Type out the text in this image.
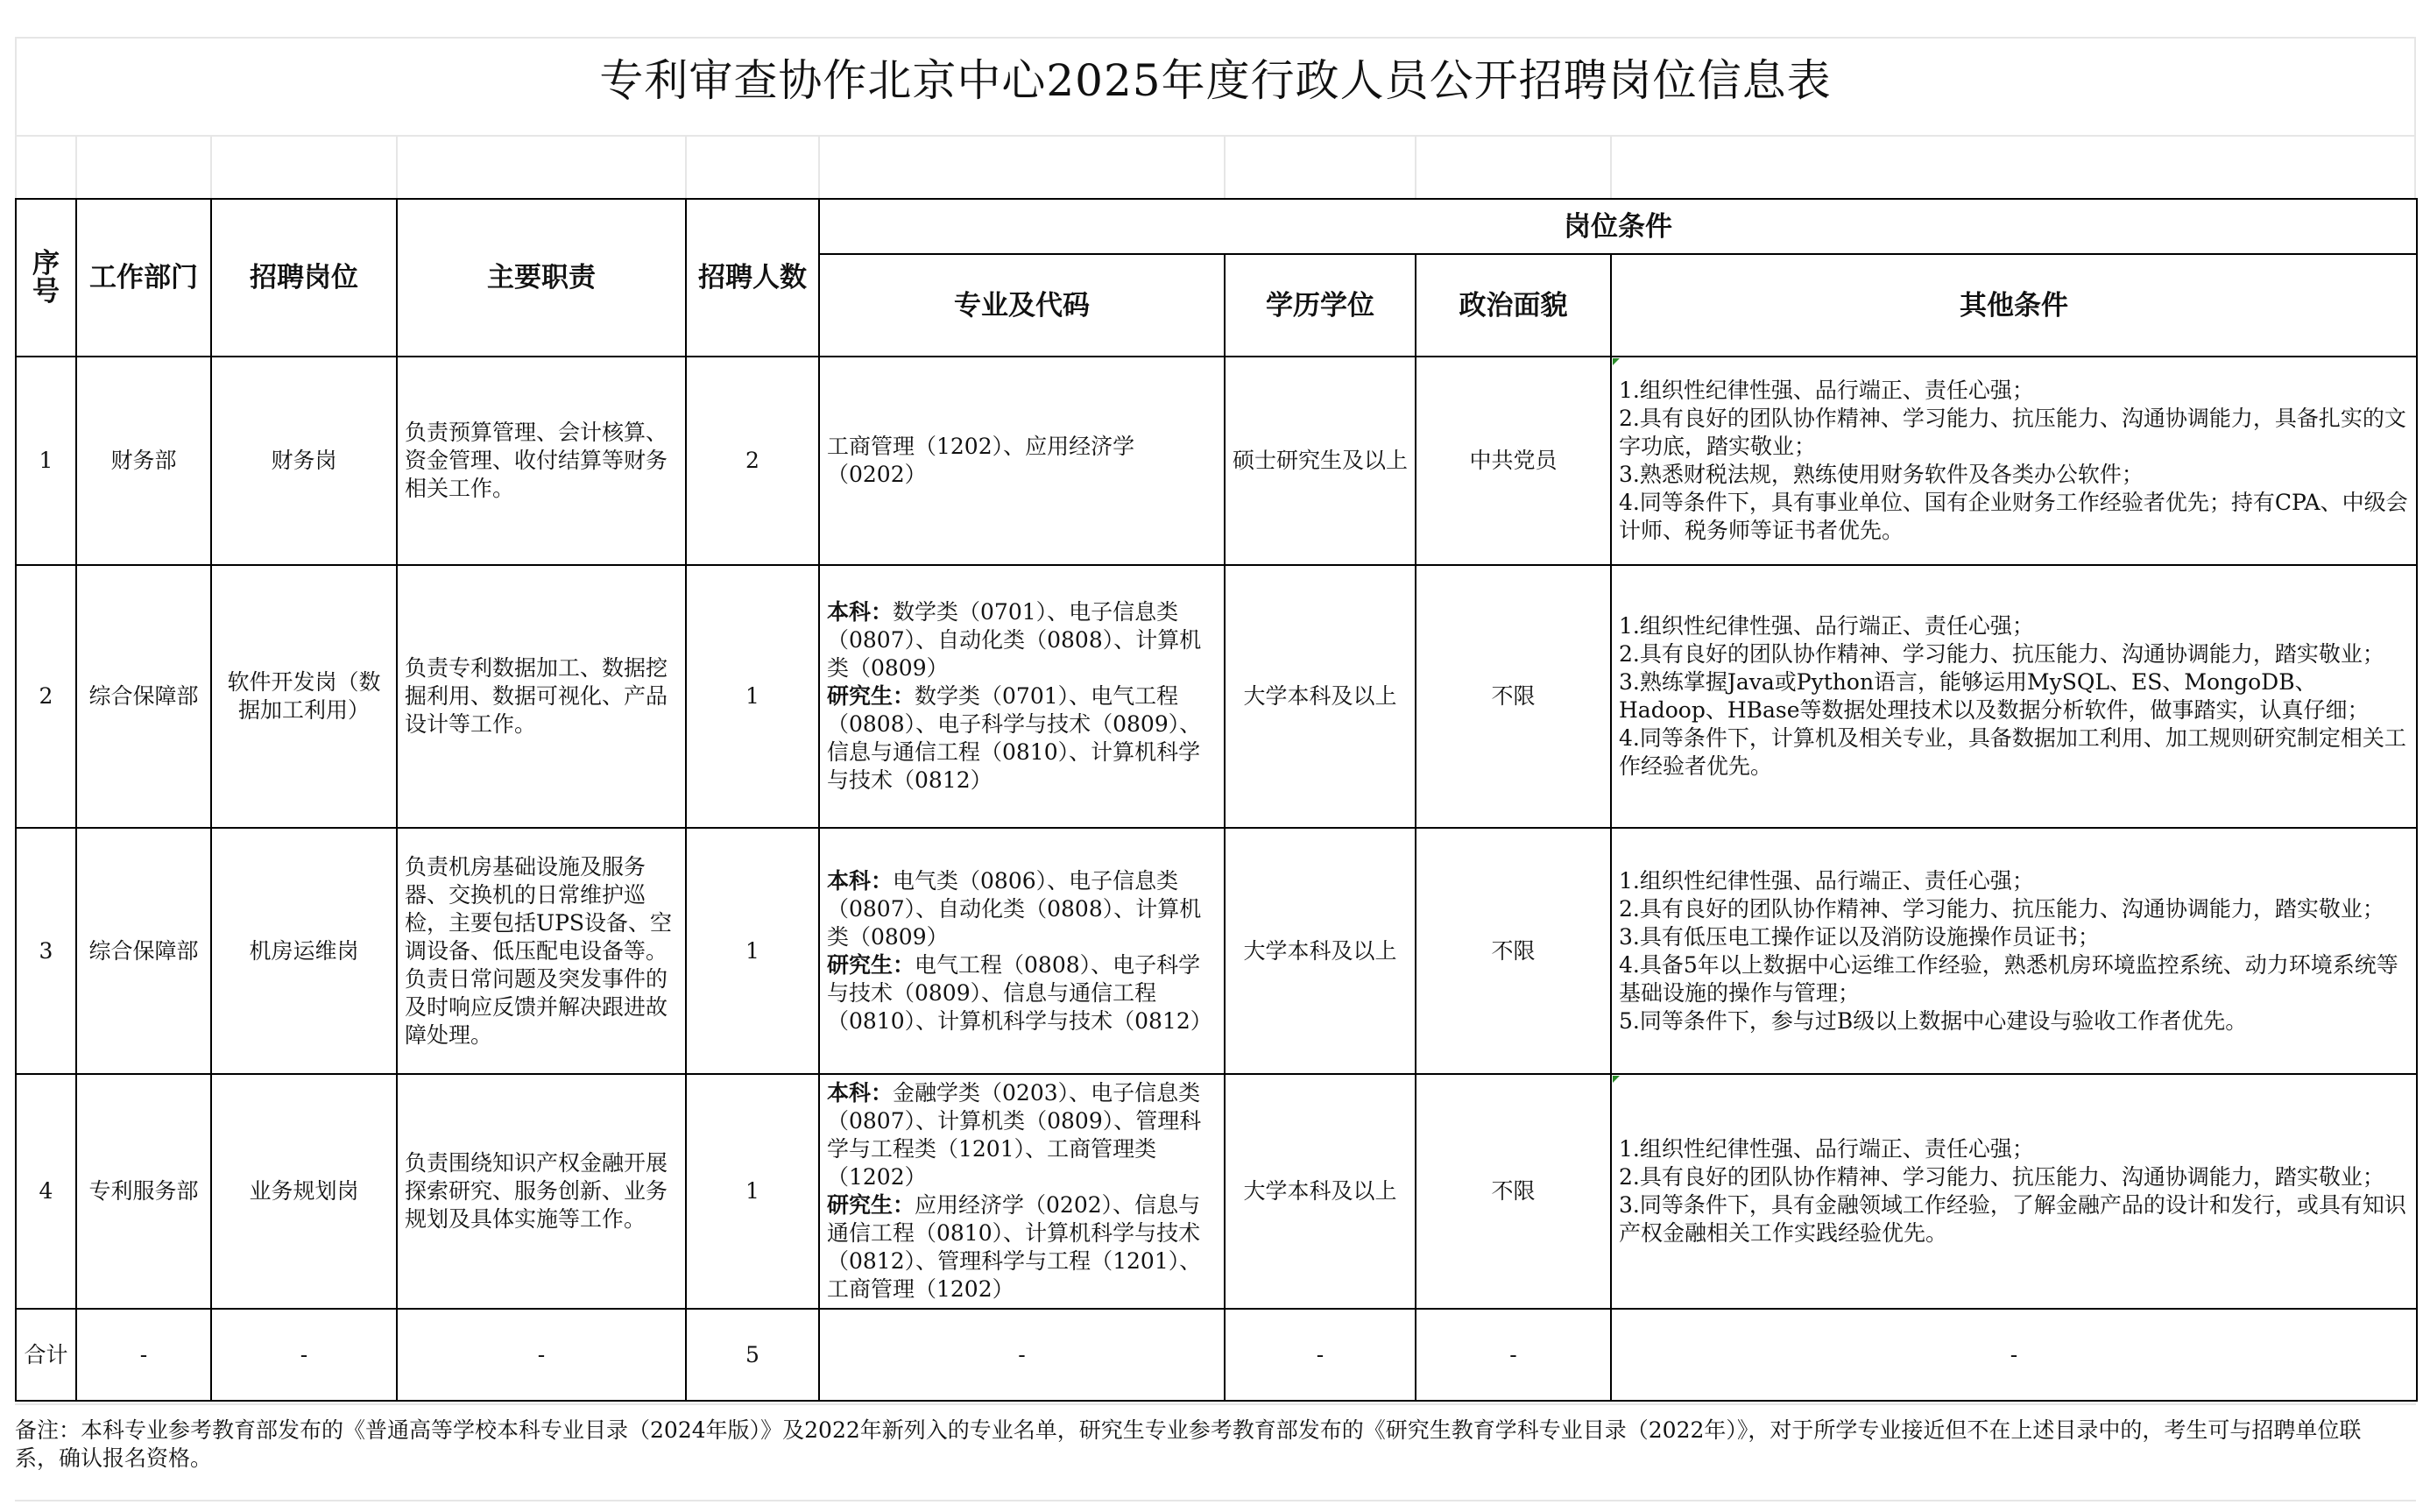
专利审查协作北京中心2025年度行政人员公开招聘岗位信息表
序号	工作部门	招聘岗位	主要职责	招聘人数	岗位条件			
					专业及代码	学历学位	政治面貌	其他条件
1	财务部	财务岗	负责预算管理、会计核算、资金管理、收付结算等财务相关工作。	2	工商管理（1202）、应用经济学（0202）	硕士研究生及以上	中共党员	1.组织性纪律性强、品行端正、责任心强；
2.具有良好的团队协作精神、学习能力、抗压能力、沟通协调能力，具备扎实的文字功底，踏实敬业；
3.熟悉财税法规，熟练使用财务软件及各类办公软件；
4.同等条件下，具有事业单位、国有企业财务工作经验者优先；持有CPA、中级会计师、税务师等证书者优先。

2	综合保障部	软件开发岗（数据加工利用）	负责专利数据加工、数据挖掘利用、数据可视化、产品设计等工作。	1	本科：数学类（0701）、电子信息类（0807）、自动化类（0808）、计算机类（0809）
研究生：数学类（0701）、电气工程（0808）、电子科学与技术（0809）、信息与通信工程（0810）、计算机科学与技术（0812）	大学本科及以上	不限	1.组织性纪律性强、品行端正、责任心强；
2.具有良好的团队协作精神、学习能力、抗压能力、沟通协调能力，踏实敬业；
3.熟练掌握Java或Python语言，能够运用MySQL、ES、MongoDB、Hadoop、HBase等数据处理技术以及数据分析软件，做事踏实，认真仔细；
4.同等条件下，计算机及相关专业，具备数据加工利用、加工规则研究制定相关工作经验者优先。

3	综合保障部	机房运维岗	负责机房基础设施及服务器、交换机的日常维护巡检，主要包括UPS设备、空调设备、低压配电设备等。负责日常问题及突发事件的及时响应反馈并解决跟进故障处理。	1	本科：电气类（0806）、电子信息类（0807）、自动化类（0808）、计算机类（0809）
研究生：电气工程（0808）、电子科学与技术（0809）、信息与通信工程（0810）、计算机科学与技术（0812）	大学本科及以上	不限	1.组织性纪律性强、品行端正、责任心强；
2.具有良好的团队协作精神、学习能力、抗压能力、沟通协调能力，踏实敬业；
3.具有低压电工操作证以及消防设施操作员证书；
4.具备5年以上数据中心运维工作经验，熟悉机房环境监控系统、动力环境系统等基础设施的操作与管理；
5.同等条件下，参与过B级以上数据中心建设与验收工作者优先。

4	专利服务部	业务规划岗	负责围绕知识产权金融开展探索研究、服务创新、业务规划及具体实施等工作。	1	本科：金融学类（0203）、电子信息类（0807）、计算机类（0809）、管理科学与工程类（1201）、工商管理类（1202）
研究生：应用经济学（0202）、信息与通信工程（0810）、计算机科学与技术（0812）、管理科学与工程（1201）、工商管理（1202）	大学本科及以上	不限	1.组织性纪律性强、品行端正、责任心强；
2.具有良好的团队协作精神、学习能力、抗压能力、沟通协调能力，踏实敬业；
3.同等条件下，具有金融领域工作经验，了解金融产品的设计和发行，或具有知识产权金融相关工作实践经验优先。

合计	-	-	-	5	-	-	-	-
备注：本科专业参考教育部发布的《普通高等学校本科专业目录（2024年版）》及2022年新列入的专业名单，研究生专业参考教育部发布的《研究生教育学科专业目录（2022年）》，对于所学专业接近但不在上述目录中的，考生可与招聘单位联系，确认报名资格。
